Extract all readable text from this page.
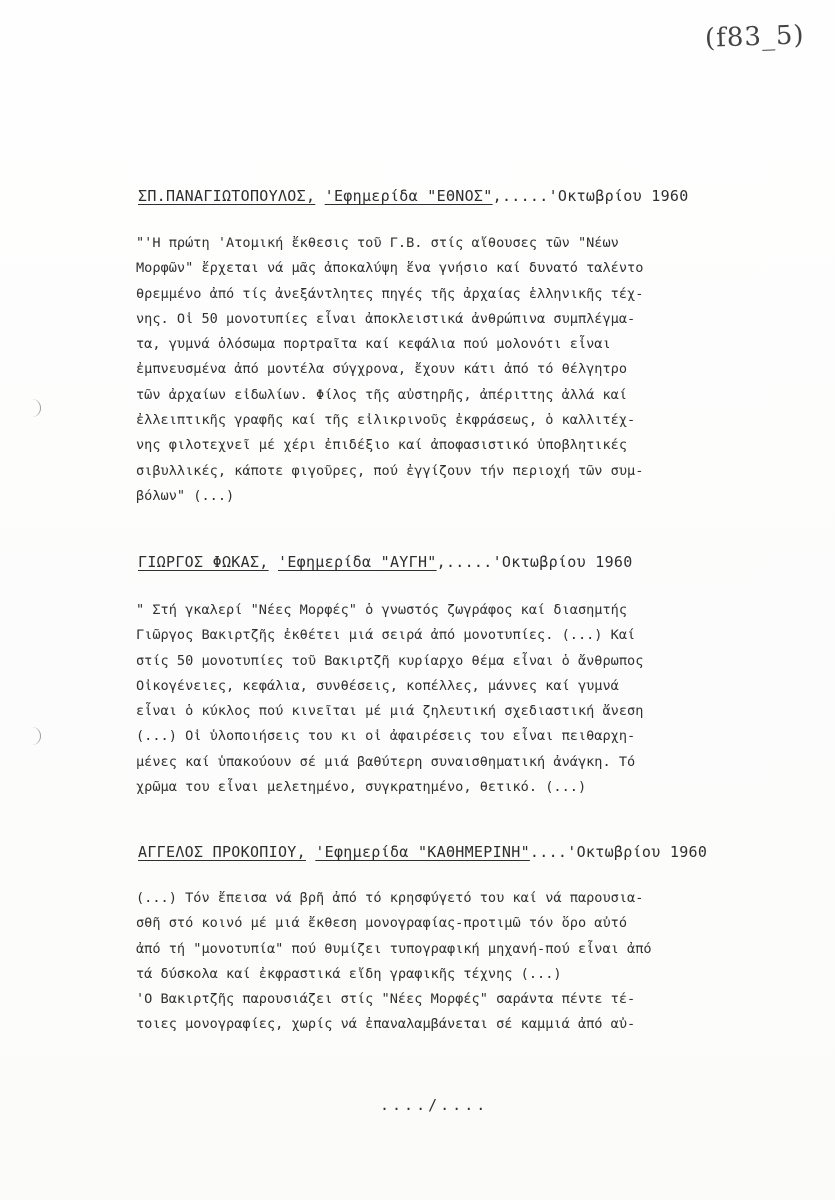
(f83_5)
ΣΠ.ΠΑΝΑΓΙΩΤΟΠΟΥΛΟΣ, 'Εφημερίδα "ΕΘΝΟΣ",.....'Οκτωβρίου 1960
"'Η πρώτη 'Ατομική ἔκθεσις τοῦ Γ.Β. στίς αἴθουσες τῶν "Νέων
Μορφῶν" ἔρχεται νά μᾶς ἀποκαλύψη ἕνα γνήσιο καί δυνατό ταλέντο
θρεμμένο ἀπό τίς ἀνεξάντλητες πηγές τῆς ἀρχαίας ἑλληνικῆς τέχ-
νης. Οἱ 50 μονοτυπίες εἶναι ἀποκλειστικά ἀνθρώπινα συμπλέγμα-
τα, γυμνά ὁλόσωμα πορτραῖτα καί κεφάλια πού μολονότι εἶναι
ἐμπνευσμένα ἀπό μοντέλα σύγχρονα, ἔχουν κάτι ἀπό τό θέλγητρο
τῶν ἀρχαίων εἰδωλίων. Φίλος τῆς αὐστηρῆς, ἀπέριττης ἀλλά καί
ἐλλειπτικῆς γραφῆς καί τῆς εἰλικρινοῦς ἐκφράσεως, ὁ καλλιτέχ-
νης φιλοτεχνεῖ μέ χέρι ἐπιδέξιο καί ἀποφασιστικό ὑποβλητικές
σιβυλλικές, κάποτε φιγοῦρες, πού ἐγγίζουν τήν περιοχή τῶν συμ-
βόλων" (...)
ΓΙΩΡΓΟΣ ΦΩΚΑΣ, 'Εφημερίδα "ΑΥΓΗ",.....'Οκτωβρίου 1960
" Στή γκαλερί "Νέες Μορφές" ὁ γνωστός ζωγράφος καί διασημτής
Γιῶργος Βακιρτζῆς ἐκθέτει μιά σειρά ἀπό μονοτυπίες. (...) Καί
στίς 50 μονοτυπίες τοῦ Βακιρτζῆ κυρίαρχο θέμα εἶναι ὁ ἄνθρωπος
Οἰκογένειες, κεφάλια, συνθέσεις, κοπέλλες, μάννες καί γυμνά
εἶναι ὁ κύκλος πού κινεῖται μέ μιά ζηλευτική σχεδιαστική ἄνεση
(...) Οἱ ὑλοποιήσεις του κι οἱ ἀφαιρέσεις του εἶναι πειθαρχη-
μένες καί ὑπακούουν σέ μιά βαθύτερη συναισθηματική ἀνάγκη. Τό
χρῶμα του εἶναι μελετημένο, συγκρατημένο, θετικό. (...)
ΑΓΓΕΛΟΣ ΠΡΟΚΟΠΙΟΥ, 'Εφημερίδα "ΚΑΘΗΜΕΡΙΝΗ"....'Οκτωβρίου 1960
(...) Τόν ἔπεισα νά βρῆ ἀπό τό κρησφύγετό του καί νά παρουσια-
σθῆ στό κοινό μέ μιά ἔκθεση μονογραφίας-προτιμῶ τόν ὅρο αὐτό
ἀπό τή "μονοτυπία" πού θυμίζει τυπογραφική μηχανή-πού εἶναι ἀπό
τά δύσκολα καί ἐκφραστικά εἴδη γραφικῆς τέχνης (...)
'Ο Βακιρτζῆς παρουσιάζει στίς "Νέες Μορφές" σαράντα πέντε τέ-
τοιες μονογραφίες, χωρίς νά ἐπαναλαμβάνεται σέ καμμιά ἀπό αὐ-
..../....
